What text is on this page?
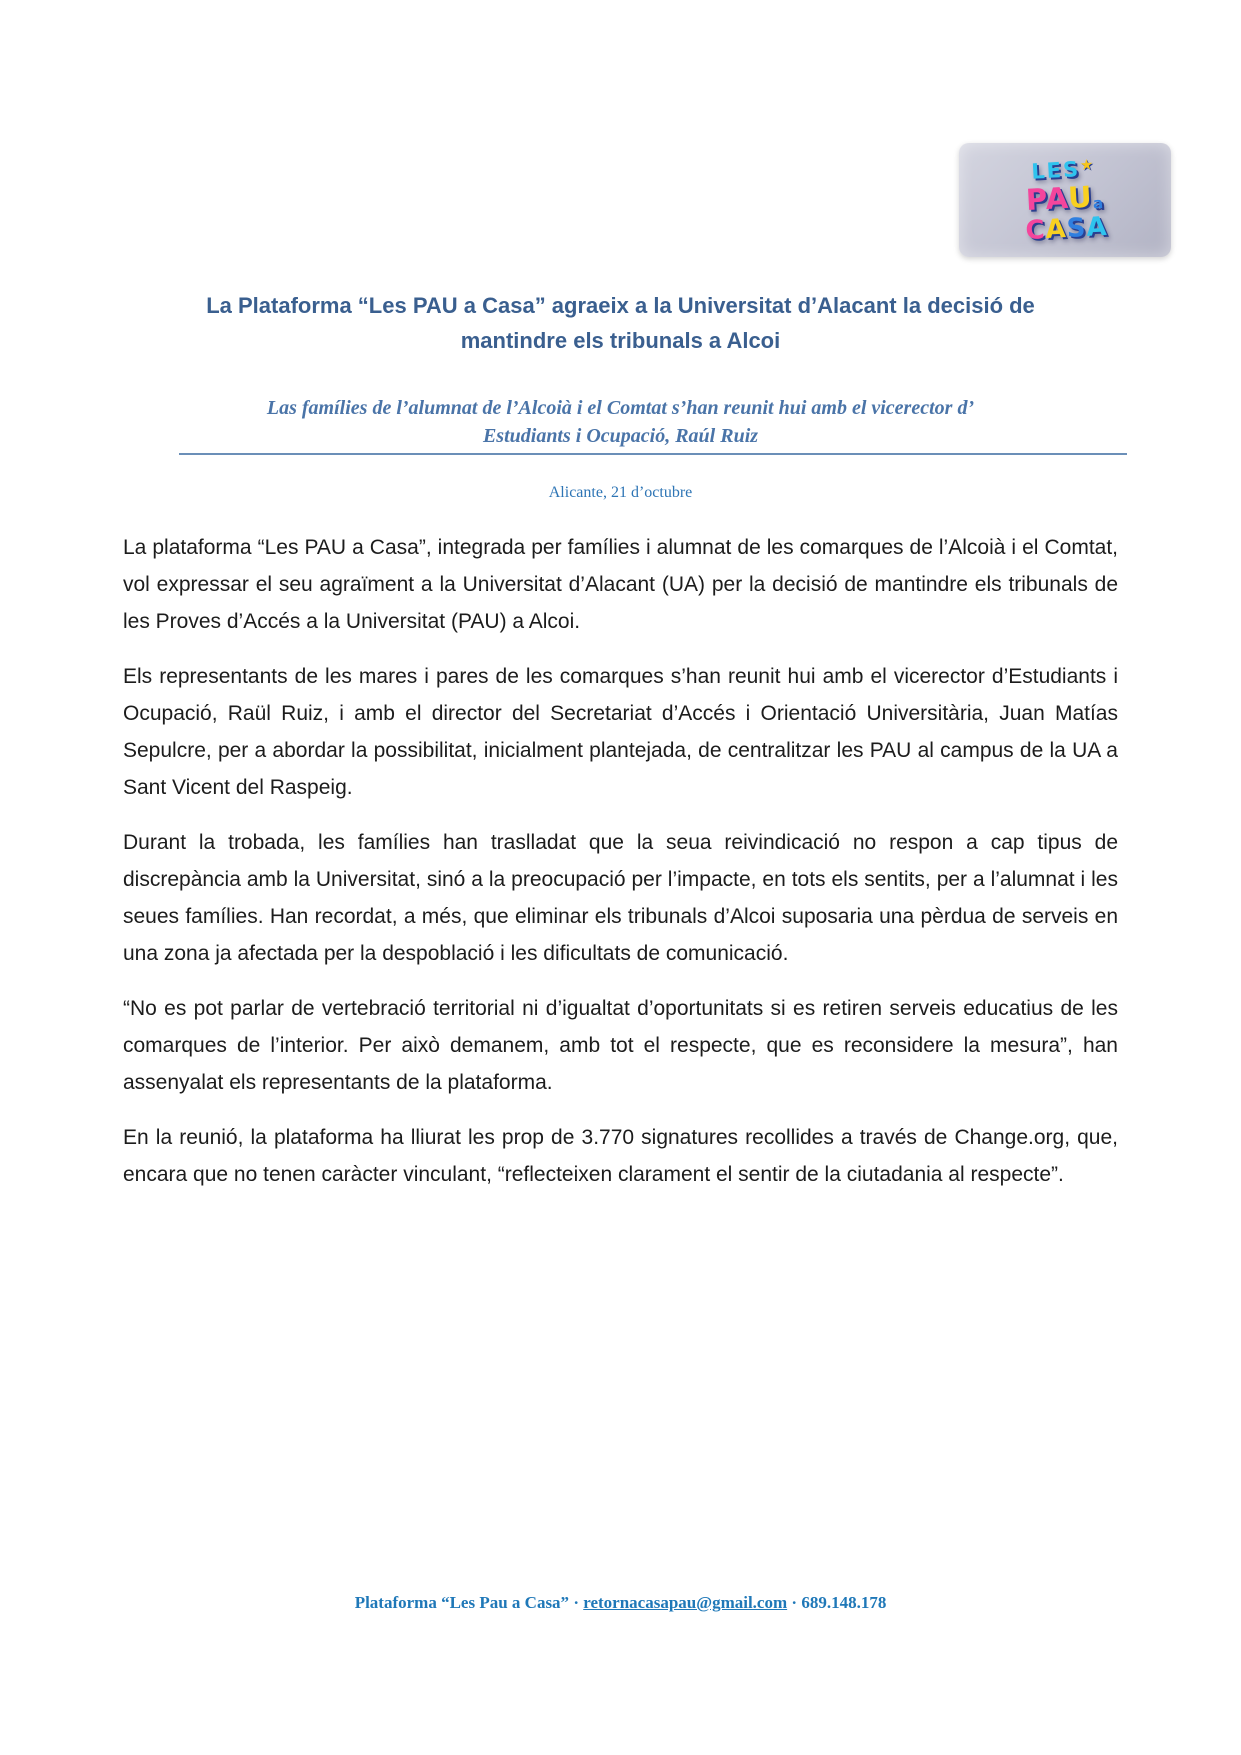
LES★
PAUa
CASA
La Plataforma “Les PAU a Casa” agraeix a la Universitat d’Alacant la decisió de
mantindre els tribunals a Alcoi
Las famílies de l’alumnat de l’Alcoià i el Comtat s’han reunit hui amb el vicerector d’
Estudiants i Ocupació, Raúl Ruiz
Alicante, 21 d’octubre

La plataforma “Les PAU a Casa”, integrada per famílies i alumnat de les comarques de l’Alcoià i el Comtat, vol expressar el seu agraïment a la Universitat d’Alacant (UA) per la decisió de mantindre els tribunals de les Proves d’Accés a la Universitat (PAU) a Alcoi.

Els representants de les mares i pares de les comarques s’han reunit hui amb el vicerector d’Estudiants i Ocupació, Raül Ruiz, i amb el director del Secretariat d’Accés i Orientació Universitària, Juan Matías Sepulcre, per a abordar la possibilitat, inicialment plantejada, de centralitzar les PAU al campus de la UA a Sant Vicent del Raspeig.

Durant la trobada, les famílies han traslladat que la seua reivindicació no respon a cap tipus de discrepància amb la Universitat, sinó a la preocupació per l’impacte, en tots els sentits, per a l’alumnat i les seues famílies. Han recordat, a més, que eliminar els tribunals d’Alcoi suposaria una pèrdua de serveis en una zona ja afectada per la despoblació i les dificultats de comunicació.

“No es pot parlar de vertebració territorial ni d’igualtat d’oportunitats si es retiren serveis educatius de les comarques de l’interior. Per això demanem, amb tot el respecte, que es reconsidere la mesura”, han assenyalat els representants de la plataforma.

En la reunió, la plataforma ha lliurat les prop de 3.770 signatures recollides a través de Change.org, que, encara que no tenen caràcter vinculant, “reflecteixen clarament el sentir de la ciutadania al respecte”.

Plataforma “Les Pau a Casa” · retornacasapau@gmail.com · 689.148.178
